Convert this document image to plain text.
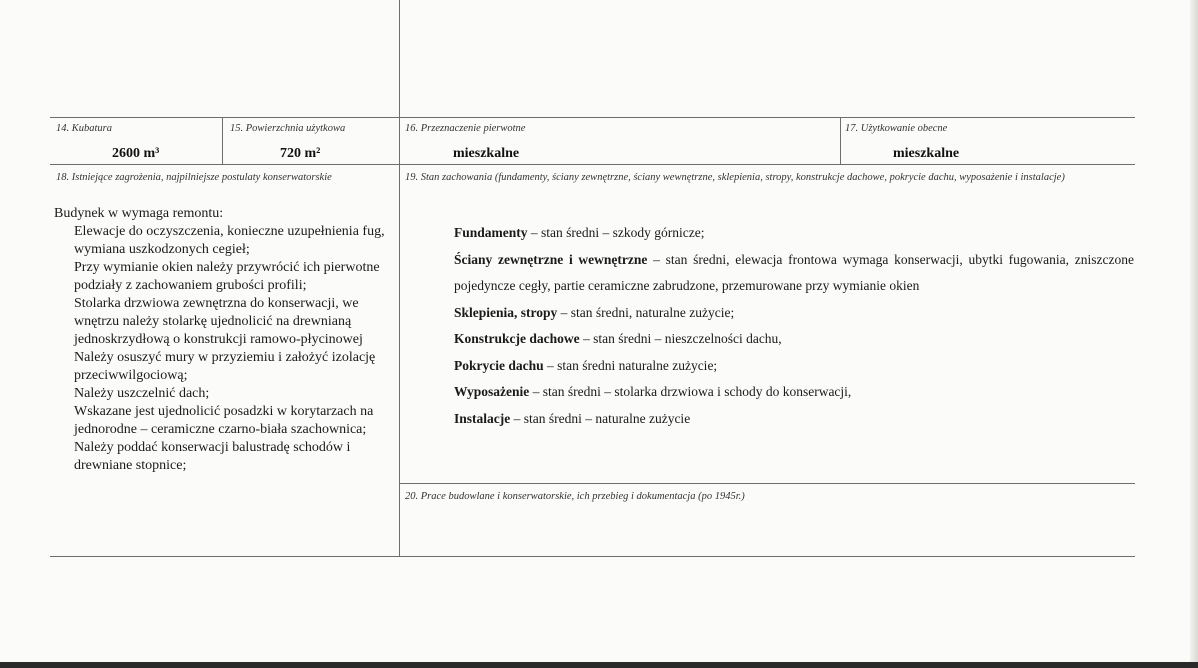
14. Kubatura
2600 m³
15. Powierzchnia użytkowa
720 m²
16. Przeznaczenie pierwotne
mieszkalne
17. Użytkowanie obecne
mieszkalne
18. Istniejące zagrożenia, najpilniejsze postulaty konserwatorskie

Budynek w wymaga remontu:

Elewacje do oczyszczenia, konieczne uzupełnienia fug, wymiana uszkodzonych cegieł;
Przy wymianie okien należy przywrócić ich pierwotne podziały z zachowaniem grubości profili;
Stolarka drzwiowa zewnętrzna do konserwacji, we wnętrzu należy stolarkę ujednolicić na drewnianą jednoskrzydłową o konstrukcji ramowo-płycinowej
Należy osuszyć mury w przyziemiu i założyć izolację przeciwwilgociową;
Należy uszczelnić dach;
Wskazane jest ujednolicić posadzki w korytarzach na jednorodne – ceramiczne czarno-biała szachownica;
Należy poddać konserwacji balustradę schodów i drewniane stopnice;
19. Stan zachowania (fundamenty, ściany zewnętrzne, ściany wewnętrzne, sklepienia, stropy, konstrukcje dachowe, pokrycie dachu, wyposażenie i instalacje)

Fundamenty – stan średni – szkody górnicze;

Ściany zewnętrzne i wewnętrzne – stan średni, elewacja frontowa wymaga konserwacji, ubytki fugowania, zniszczone pojedyncze cegły, partie ceramiczne zabrudzone, przemurowane przy wymianie okien

Sklepienia, stropy – stan średni, naturalne zużycie;

Konstrukcje dachowe – stan średni – nieszczelności dachu,

Pokrycie dachu – stan średni naturalne zużycie;

Wyposażenie – stan średni – stolarka drzwiowa i schody do konserwacji,

Instalacje – stan średni – naturalne zużycie

20. Prace budowlane i konserwatorskie, ich przebieg i dokumentacja (po 1945r.)
